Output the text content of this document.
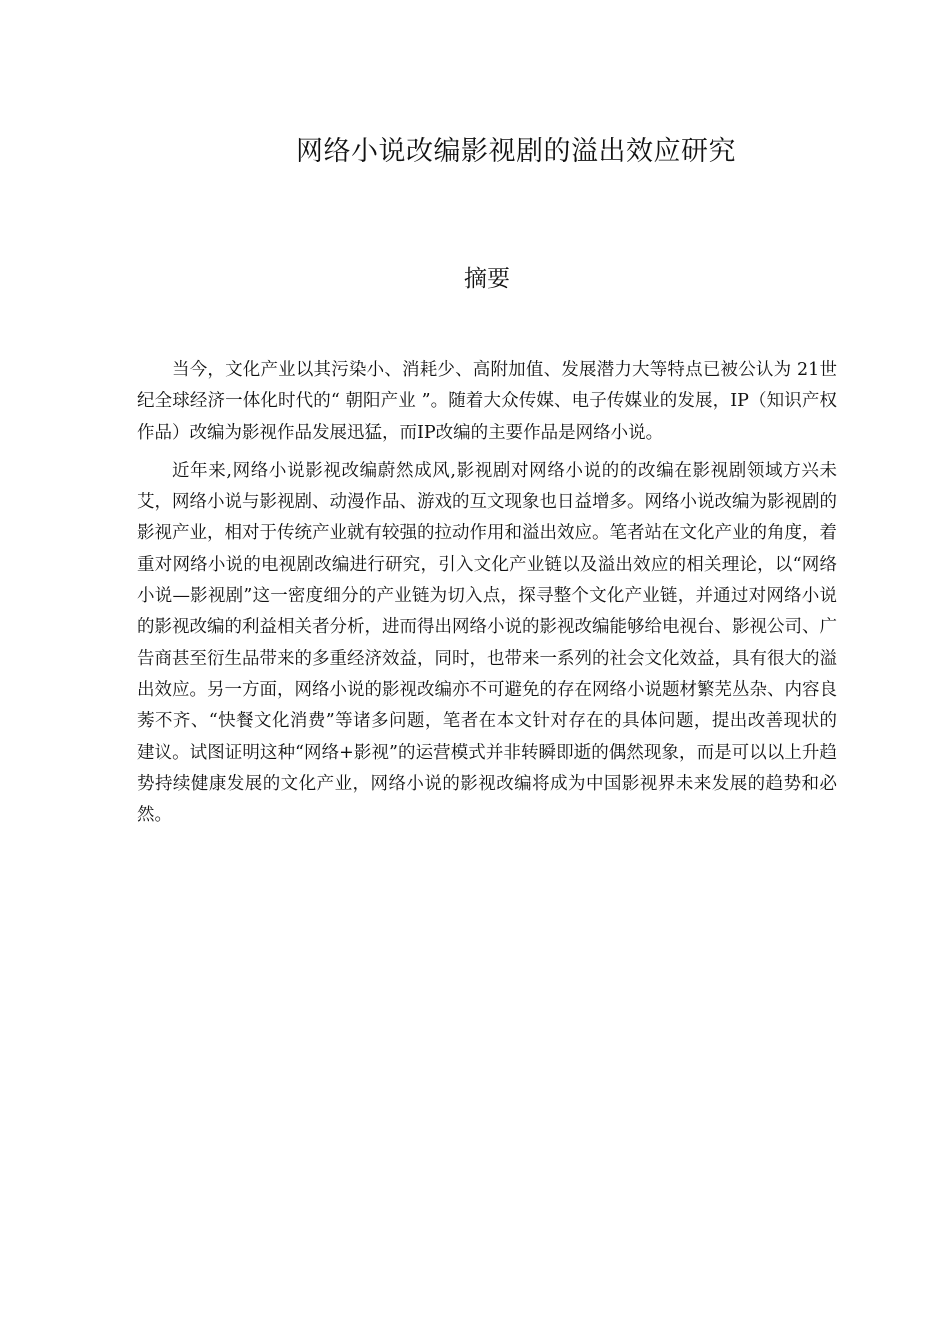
网络小说改编影视剧的溢出效应研究
摘要

当今，文化产业以其污染小、消耗少、高附加值、发展潜力大等特点已被公认为 21世纪全球经济一体化时代的“ 朝阳产业 ”。随着大众传媒、电子传媒业的发展，IP（知识产权作品）改编为影视作品发展迅猛，而IP改编的主要作品是网络小说。

近年来,网络小说影视改编蔚然成风,影视剧对网络小说的的改编在影视剧领域方兴未艾，网络小说与影视剧、动漫作品、游戏的互文现象也日益增多。网络小说改编为影视剧的影视产业，相对于传统产业就有较强的拉动作用和溢出效应。笔者站在文化产业的角度，着重对网络小说的电视剧改编进行研究，引入文化产业链以及溢出效应的相关理论，以“网络小说—影视剧”这一密度细分的产业链为切入点，探寻整个文化产业链，并通过对网络小说的影视改编的利益相关者分析，进而得出网络小说的影视改编能够给电视台、影视公司、广告商甚至衍生品带来的多重经济效益，同时，也带来一系列的社会文化效益，具有很大的溢出效应。另一方面，网络小说的影视改编亦不可避免的存在网络小说题材繁芜丛杂、内容良莠不齐、“快餐文化消费”等诸多问题，笔者在本文针对存在的具体问题，提出改善现状的建议。试图证明这种“网络+影视”的运营模式并非转瞬即逝的偶然现象，而是可以以上升趋势持续健康发展的文化产业，网络小说的影视改编将成为中国影视界未来发展的趋势和必然。
